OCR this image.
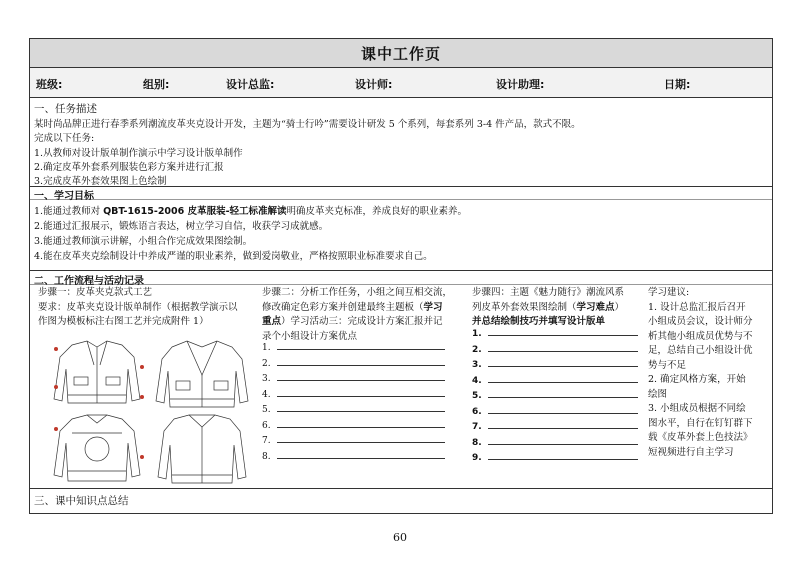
课中工作页
班级:	组别:	设计总监:	设计师:	设计助理:	日期:
一、任务描述
某时尚品牌正进行春季系列潮流皮革夹克设计开发，主题为“骑士行吟”需要设计研发 5 个系列，每套系列 3-4 件产品，款式不限。
完成以下任务:
1.从教师对设计版单制作演示中学习设计版单制作
2.确定皮革外套系列服装色彩方案并进行汇报
3.完成皮革外套效果图上色绘制
一、学习目标
1.能通过教师对 QBT-1615-2006 皮革服装-轻工标准解读明确皮革夹克标准，养成良好的职业素养。
2.能通过汇报展示，锻炼语言表达，树立学习自信，收获学习成就感。
3.能通过教师演示讲解，小组合作完成效果图绘制。
4.能在皮革夹克绘制设计中养成严谨的职业素养，做到爱岗敬业，严格按照职业标准要求自己。
二、工作流程与活动记录

步骤一：皮革夹克款式工艺

要求：皮革夹克设计版单制作（根据教学演示以

作图为模板标注右图工艺并完成附件 1）

步骤二：分析工作任务，小组之间互相交流，

修改确定色彩方案并创建最终主题板（学习

重点）学习活动三：完成设计方案汇报并记

录个小组设计方案优点

步骤四：主题《魅力随行》潮流风系

列皮革外套效果图绘制（学习难点）

并总结绘制技巧并填写设计版单

学习建议:

1. 设计总监汇报后召开

小组成员会议，设计师分

析其他小组成员优势与不

足，总结自己小组设计优

势与不足

2. 确定风格方案，开始

绘图

3. 小组成员根据不同绘

图水平，自行在钉钉群下

载《皮革外套上色技法》

短视频进行自主学习

1.
2.
3.
4.
5.
6.
7.
8.
1.
2.
3.
4.
5.
6.
7.
8.
9.
三、课中知识点总结
60
